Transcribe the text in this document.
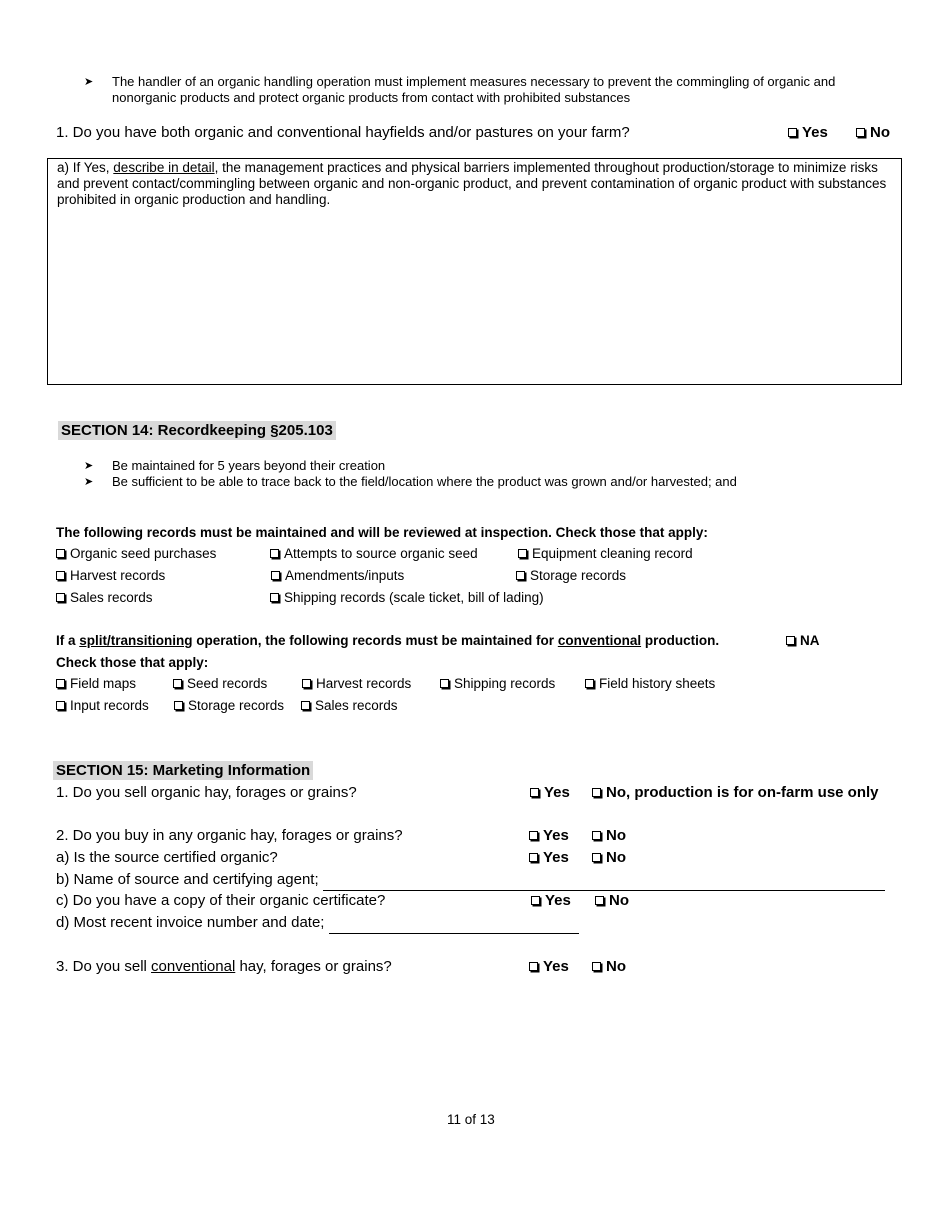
➤ The handler of an organic handling operation must implement measures necessary to prevent the commingling of organic and nonorganic products and protect organic products from contact with prohibited substances
1. Do you have both organic and conventional hayfields and/or pastures on your farm?	Yes	No
a) If Yes, describe in detail, the management practices and physical barriers implemented throughout production/storage to minimize risks and prevent contact/commingling between organic and non-organic product, and prevent contamination of organic product with substances prohibited in organic production and handling.
SECTION 14: Recordkeeping §205.103
➤ Be maintained for 5 years beyond their creation
➤ Be sufficient to be able to trace back to the field/location where the product was grown and/or harvested; and
The following records must be maintained and will be reviewed at inspection. Check those that apply:
Organic seed purchases	Attempts to source organic seed	Equipment cleaning record
Harvest records	Amendments/inputs	Storage records
Sales records	Shipping records (scale ticket, bill of lading)
If a split/transitioning operation, the following records must be maintained for conventional production.	NA
Check those that apply:
Field maps	Seed records	Harvest records	Shipping records	Field history sheets
Input records	Storage records	Sales records
SECTION 15: Marketing Information
1. Do you sell organic hay, forages or grains?	Yes	No, production is for on-farm use only
2. Do you buy in any organic hay, forages or grains?	Yes	No
a) Is the source certified organic?	Yes	No
b) Name of source and certifying agent;
c) Do you have a copy of their organic certificate?	Yes	No
d) Most recent invoice number and date;
3. Do you sell conventional hay, forages or grains?	Yes	No
11 of 13
